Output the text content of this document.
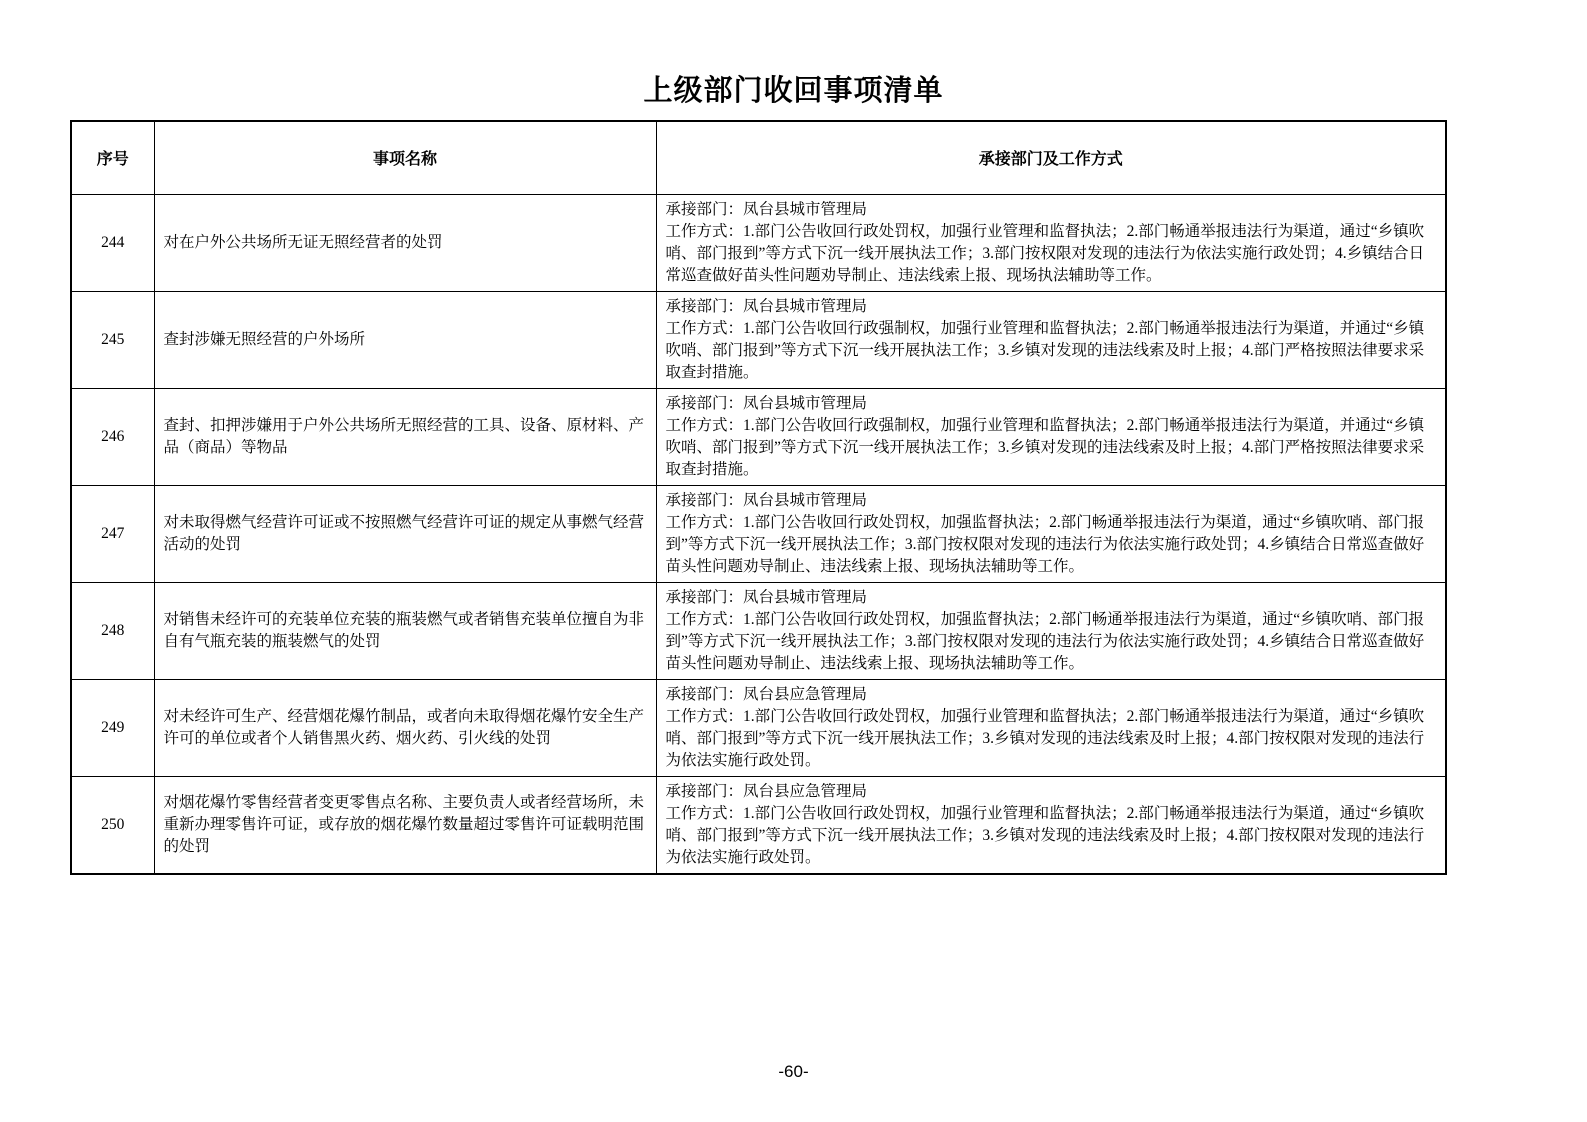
上级部门收回事项清单
序号	事项名称	承接部门及工作方式
244	对在户外公共场所无证无照经营者的处罚	承接部门：凤台县城市管理局
工作方式：1.部门公告收回行政处罚权，加强行业管理和监督执法；2.部门畅通举报违法行为渠道，通过“乡镇吹哨、部门报到”等方式下沉一线开展执法工作；3.部门按权限对发现的违法行为依法实施行政处罚；4.乡镇结合日常巡查做好苗头性问题劝导制止、违法线索上报、现场执法辅助等工作。

245	查封涉嫌无照经营的户外场所	承接部门：凤台县城市管理局
工作方式：1.部门公告收回行政强制权，加强行业管理和监督执法；2.部门畅通举报违法行为渠道，并通过“乡镇吹哨、部门报到”等方式下沉一线开展执法工作；3.乡镇对发现的违法线索及时上报；4.部门严格按照法律要求采取查封措施。

246	查封、扣押涉嫌用于户外公共场所无照经营的工具、设备、原材料、产品（商品）等物品	承接部门：凤台县城市管理局
工作方式：1.部门公告收回行政强制权，加强行业管理和监督执法；2.部门畅通举报违法行为渠道，并通过“乡镇吹哨、部门报到”等方式下沉一线开展执法工作；3.乡镇对发现的违法线索及时上报；4.部门严格按照法律要求采取查封措施。

247	对未取得燃气经营许可证或不按照燃气经营许可证的规定从事燃气经营活动的处罚	承接部门：凤台县城市管理局
工作方式：1.部门公告收回行政处罚权，加强监督执法；2.部门畅通举报违法行为渠道，通过“乡镇吹哨、部门报到”等方式下沉一线开展执法工作；3.部门按权限对发现的违法行为依法实施行政处罚；4.乡镇结合日常巡查做好苗头性问题劝导制止、违法线索上报、现场执法辅助等工作。

248	对销售未经许可的充装单位充装的瓶装燃气或者销售充装单位擅自为非自有气瓶充装的瓶装燃气的处罚	承接部门：凤台县城市管理局
工作方式：1.部门公告收回行政处罚权，加强监督执法；2.部门畅通举报违法行为渠道，通过“乡镇吹哨、部门报到”等方式下沉一线开展执法工作；3.部门按权限对发现的违法行为依法实施行政处罚；4.乡镇结合日常巡查做好苗头性问题劝导制止、违法线索上报、现场执法辅助等工作。

249	对未经许可生产、经营烟花爆竹制品，或者向未取得烟花爆竹安全生产许可的单位或者个人销售黑火药、烟火药、引火线的处罚	承接部门：凤台县应急管理局
工作方式：1.部门公告收回行政处罚权，加强行业管理和监督执法；2.部门畅通举报违法行为渠道，通过“乡镇吹哨、部门报到”等方式下沉一线开展执法工作；3.乡镇对发现的违法线索及时上报；4.部门按权限对发现的违法行为依法实施行政处罚。

250	对烟花爆竹零售经营者变更零售点名称、主要负责人或者经营场所，未重新办理零售许可证，或存放的烟花爆竹数量超过零售许可证载明范围的处罚	承接部门：凤台县应急管理局
工作方式：1.部门公告收回行政处罚权，加强行业管理和监督执法；2.部门畅通举报违法行为渠道，通过“乡镇吹哨、部门报到”等方式下沉一线开展执法工作；3.乡镇对发现的违法线索及时上报；4.部门按权限对发现的违法行为依法实施行政处罚。
-60-
